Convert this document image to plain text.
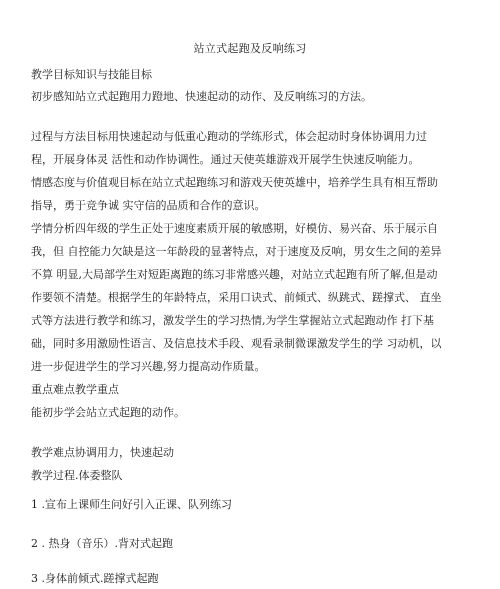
站立式起跑及反响练习
教学目标知识与技能目标
初步感知站立式起跑用力蹬地、快速起动的动作、及反响练习的方法。
过程与方法目标用快速起动与低重心跑动的学练形式，体会起动时身体协调用力过
程，开展身体灵 活性和动作协调性。通过天使英雄游戏开展学生快速反响能力。
情感态度与价值观目标在站立式起跑练习和游戏天使英雄中，培养学生具有相互帮助
指导，勇于竞争诚 实守信的品质和合作的意识。
学情分析四年级的学生正处于速度素质开展的敏感期，好模仿、易兴奋、乐于展示自
我，但 自控能力欠缺是这一年龄段的显著特点，对于速度及反响，男女生之间的差异
不算 明显,大局部学生对短距离跑的练习非常感兴趣，对站立式起跑有所了解,但是动
作要领不清楚。根据学生的年龄特点，采用口诀式、前倾式、纵跳式、蹉撑式、 直坐
式等方法进行教学和练习，激发学生的学习热情,为学生掌握站立式起跑动作 打下基
础，同时多用激励性语言、及信息技术手段、观看录制微课激发学生的学 习动机，以
进一步促进学生的学习兴趣,努力提高动作质量。
重点难点教学重点
能初步学会站立式起跑的动作。
教学难点协调用力，快速起动
教学过程.体委整队
1 .宣布上课师生问好引入正课、队列练习
2 . 热身（音乐）.背对式起跑
3 .身体前倾式.蹉撑式起跑
